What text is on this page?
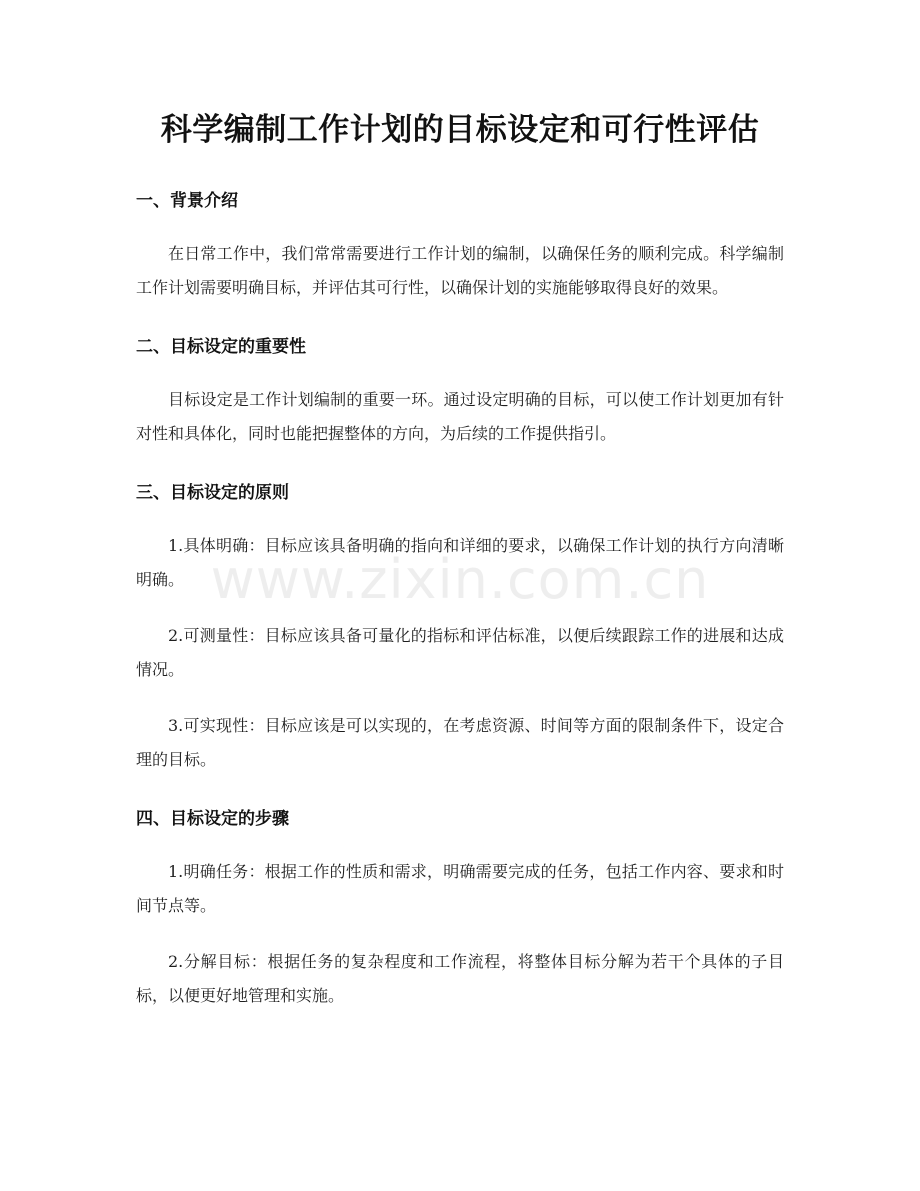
科学编制工作计划的目标设定和可行性评估
www.zixin.com.cn
一、背景介绍

在日常工作中，我们常常需要进行工作计划的编制，以确保任务的顺利完成。科学编制工作计划需要明确目标，并评估其可行性，以确保计划的实施能够取得良好的效果。

二、目标设定的重要性

目标设定是工作计划编制的重要一环。通过设定明确的目标，可以使工作计划更加有针对性和具体化，同时也能把握整体的方向，为后续的工作提供指引。

三、目标设定的原则

1.具体明确：目标应该具备明确的指向和详细的要求，以确保工作计划的执行方向清晰明确。

2.可测量性：目标应该具备可量化的指标和评估标准，以便后续跟踪工作的进展和达成情况。

3.可实现性：目标应该是可以实现的，在考虑资源、时间等方面的限制条件下，设定合理的目标。

四、目标设定的步骤

1.明确任务：根据工作的性质和需求，明确需要完成的任务，包括工作内容、要求和时间节点等。

2.分解目标：根据任务的复杂程度和工作流程，将整体目标分解为若干个具体的子目标，以便更好地管理和实施。
